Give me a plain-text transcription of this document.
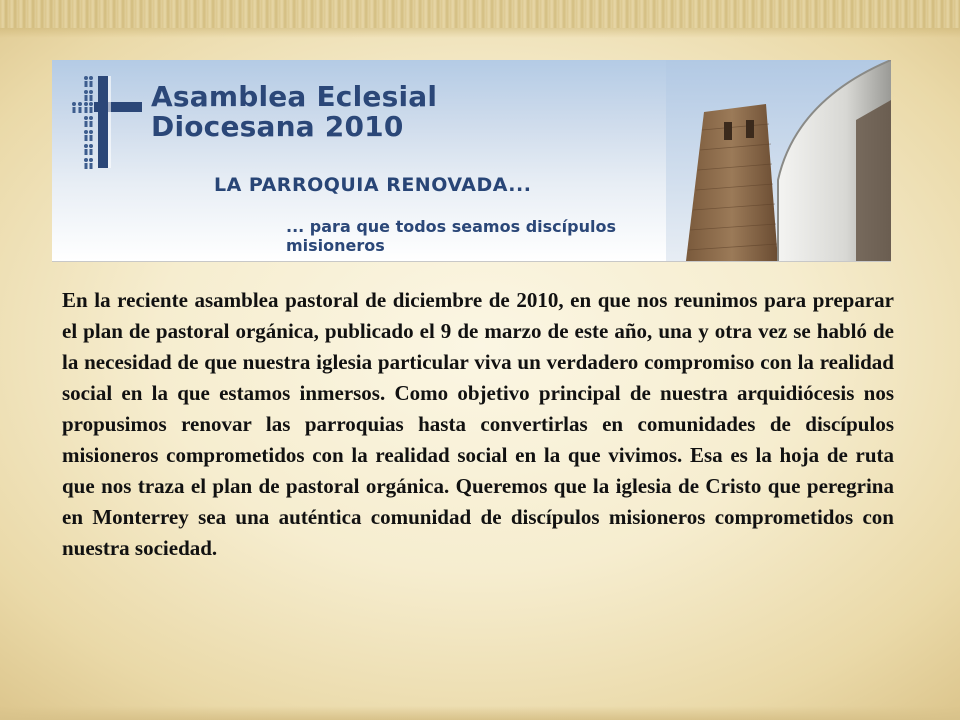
Asamblea Eclesial
Diocesana 2010
LA PARROQUIA RENOVADA...
... para que todos seamos discípulos
misioneros

En la reciente asamblea pastoral de diciembre de 2010, en que nos reunimos para preparar el plan de pastoral orgánica, publicado el 9 de marzo de este año, una y otra vez se habló de la necesidad de que nuestra iglesia particular viva un verdadero compromiso con la realidad social en la que estamos inmersos. Como objetivo principal de nuestra arquidiócesis nos propusimos renovar las parroquias hasta convertirlas en comunidades de discípulos misioneros comprometidos con la realidad social en la que vivimos. Esa es la hoja de ruta que nos traza el plan de pastoral orgánica. Queremos que la iglesia de Cristo que peregrina en Monterrey sea una auténtica comunidad de discípulos misioneros comprometidos con nuestra sociedad.
